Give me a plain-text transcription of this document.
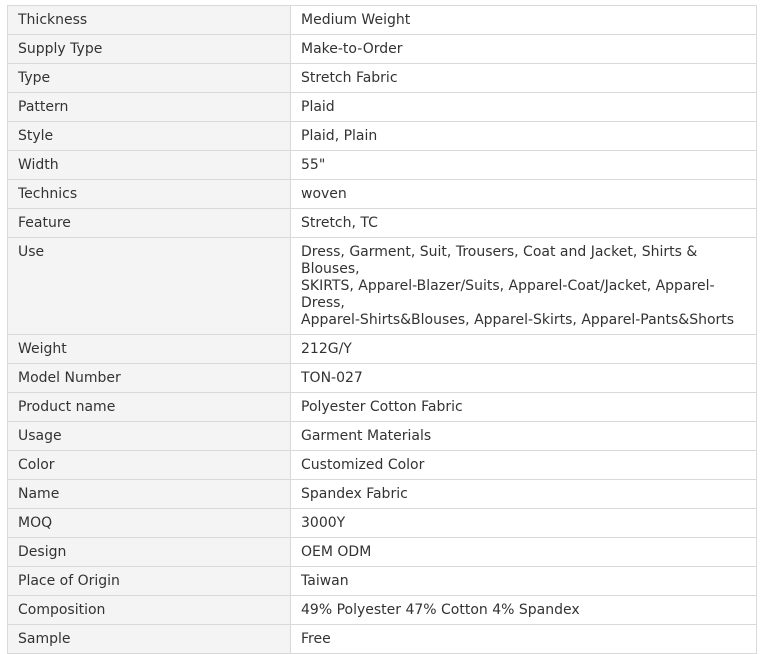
Thickness	Medium Weight
Supply Type	Make-to-Order
Type	Stretch Fabric
Pattern	Plaid
Style	Plaid, Plain
Width	55"
Technics	woven
Feature	Stretch, TC
Use	Dress, Garment, Suit, Trousers, Coat and Jacket, Shirts & Blouses,
SKIRTS, Apparel-Blazer/Suits, Apparel-Coat/Jacket, Apparel-Dress,
Apparel-Shirts&Blouses, Apparel-Skirts, Apparel-Pants&Shorts

Weight	212G/Y
Model Number	TON-027
Product name	Polyester Cotton Fabric
Usage	Garment Materials
Color	Customized Color
Name	Spandex Fabric
MOQ	3000Y
Design	OEM ODM
Place of Origin	Taiwan
Composition	49% Polyester 47% Cotton 4% Spandex
Sample	Free
